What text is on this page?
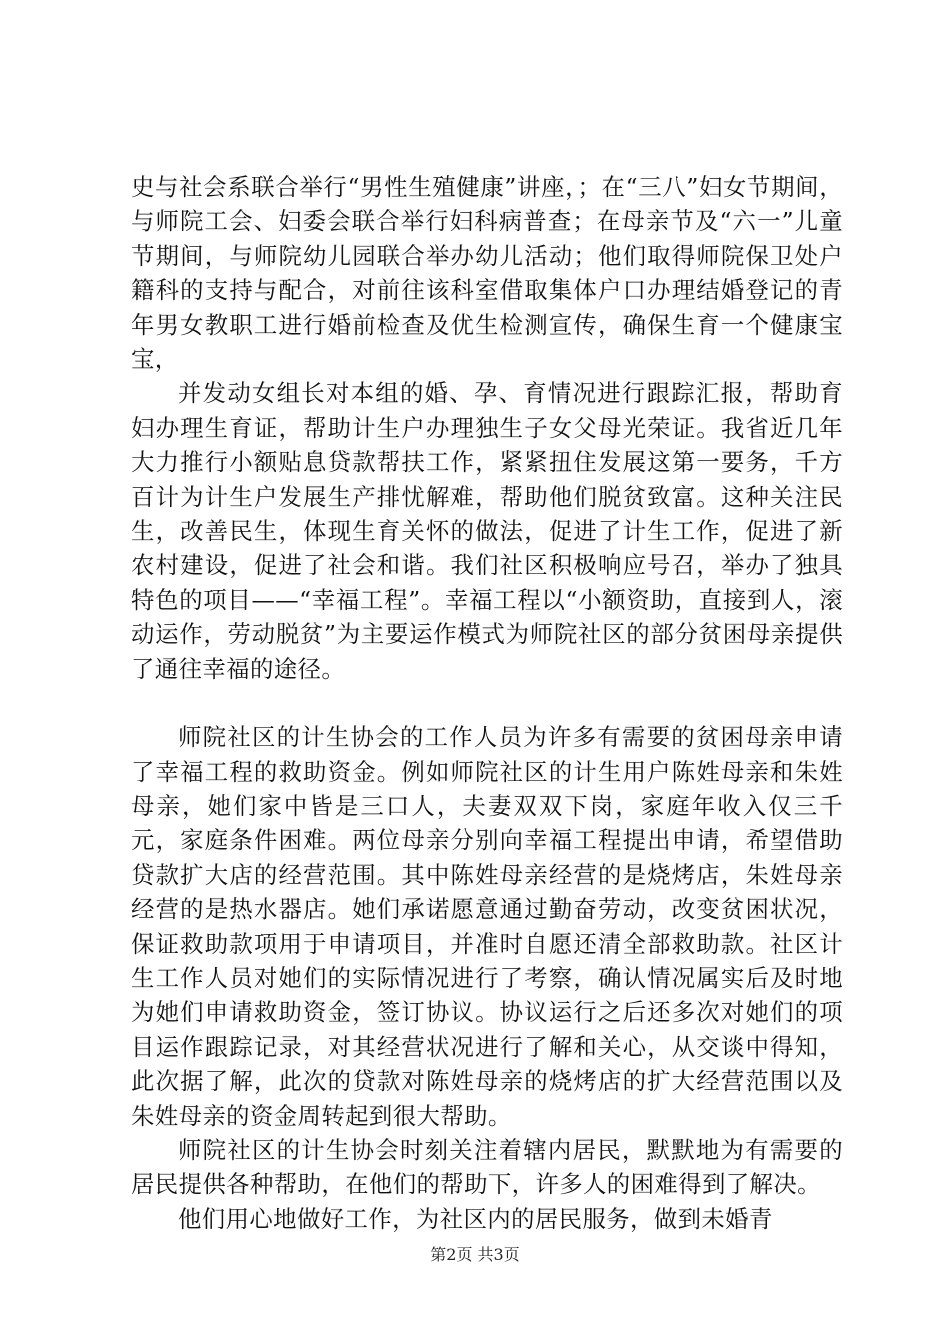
史与社会系联合举行“男性生殖健康”讲座，；在“三八”妇女节期间，与师院工会、妇委会联合举行妇科病普查；在母亲节及“六一”儿童节期间，与师院幼儿园联合举办幼儿活动；他们取得师院保卫处户籍科的支持与配合，对前往该科室借取集体户口办理结婚登记的青年男女教职工进行婚前检查及优生检测宣传，确保生育一个健康宝宝，

并发动女组长对本组的婚、孕、育情况进行跟踪汇报，帮助育妇办理生育证，帮助计生户办理独生子女父母光荣证。我省近几年大力推行小额贴息贷款帮扶工作，紧紧扭住发展这第一要务，千方百计为计生户发展生产排忧解难，帮助他们脱贫致富。这种关注民生，改善民生，体现生育关怀的做法，促进了计生工作，促进了新农村建设，促进了社会和谐。我们社区积极响应号召，举办了独具特色的项目——“幸福工程”。幸福工程以“小额资助，直接到人，滚动运作，劳动脱贫”为主要运作模式为师院社区的部分贫困母亲提供了通往幸福的途径。

师院社区的计生协会的工作人员为许多有需要的贫困母亲申请了幸福工程的救助资金。例如师院社区的计生用户陈姓母亲和朱姓母亲，她们家中皆是三口人，夫妻双双下岗，家庭年收入仅三千元，家庭条件困难。两位母亲分别向幸福工程提出申请，希望借助贷款扩大店的经营范围。其中陈姓母亲经营的是烧烤店，朱姓母亲经营的是热水器店。她们承诺愿意通过勤奋劳动，改变贫困状况，保证救助款项用于申请项目，并准时自愿还清全部救助款。社区计生工作人员对她们的实际情况进行了考察，确认情况属实后及时地为她们申请救助资金，签订协议。协议运行之后还多次对她们的项目运作跟踪记录，对其经营状况进行了解和关心，从交谈中得知，此次据了解，此次的贷款对陈姓母亲的烧烤店的扩大经营范围以及朱姓母亲的资金周转起到很大帮助。

师院社区的计生协会时刻关注着辖内居民，默默地为有需要的居民提供各种帮助，在他们的帮助下，许多人的困难得到了解决。

他们用心地做好工作，为社区内的居民服务，做到未婚青

第2页 共3页
